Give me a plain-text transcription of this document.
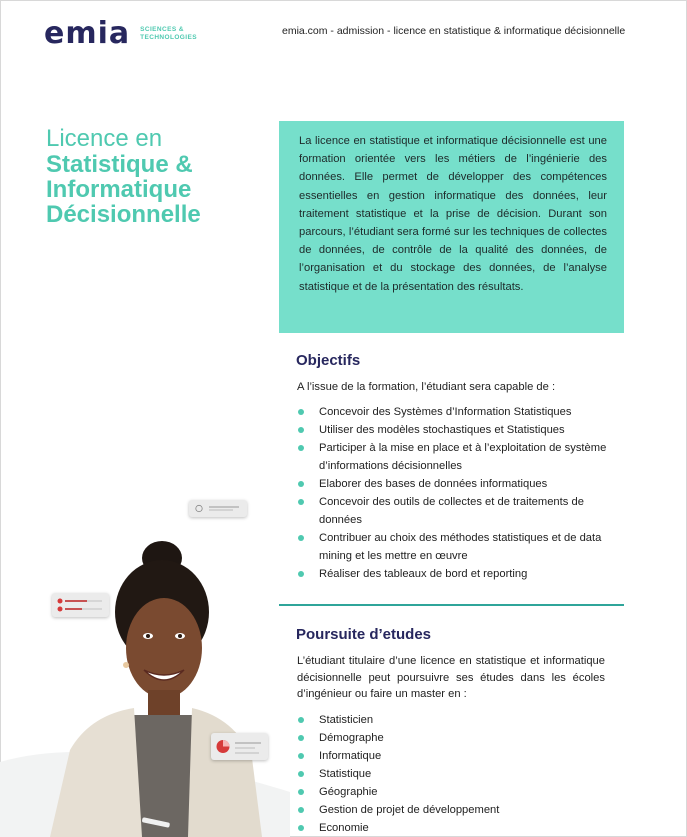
emia SCIENCES & TECHNOLOGIES	emia.com - admission - licence en statistique & informatique décisionnelle
Licence en
Statistique &
Informatique
Décisionnelle

La licence en statistique et informatique décisionnelle est une formation orientée vers les métiers de l’ingénierie des données. Elle permet de développer des compétences essentielles en gestion informatique des données, leur traitement statistique et la prise de décision. Durant son parcours, l’étudiant sera formé sur les techniques de collectes de données, de contrôle de la qualité des données, de l’organisation et du stockage des données, de l’analyse statistique et de la présentation des résultats.

Objectifs
A l’issue de la formation, l’étudiant sera capable de :
Concevoir des Systèmes d’Information Statistiques
Utiliser des modèles stochastiques et Statistiques
Participer à la mise en place et à l’exploitation de système d’informations décisionnelles
Elaborer des bases de données informatiques
Concevoir des outils de collectes et de traitements de données
Contribuer au choix des méthodes statistiques et de data mining et les mettre en œuvre
Réaliser des tableaux de bord et reporting
Poursuite d’etudes
L’étudiant titulaire d’une licence en statistique et informatique décisionnelle peut poursuivre ses études dans les écoles d’ingénieur ou faire un master en :
Statisticien
Démographe
Informatique
Statistique
Géographie
Gestion de projet de développement
Economie
